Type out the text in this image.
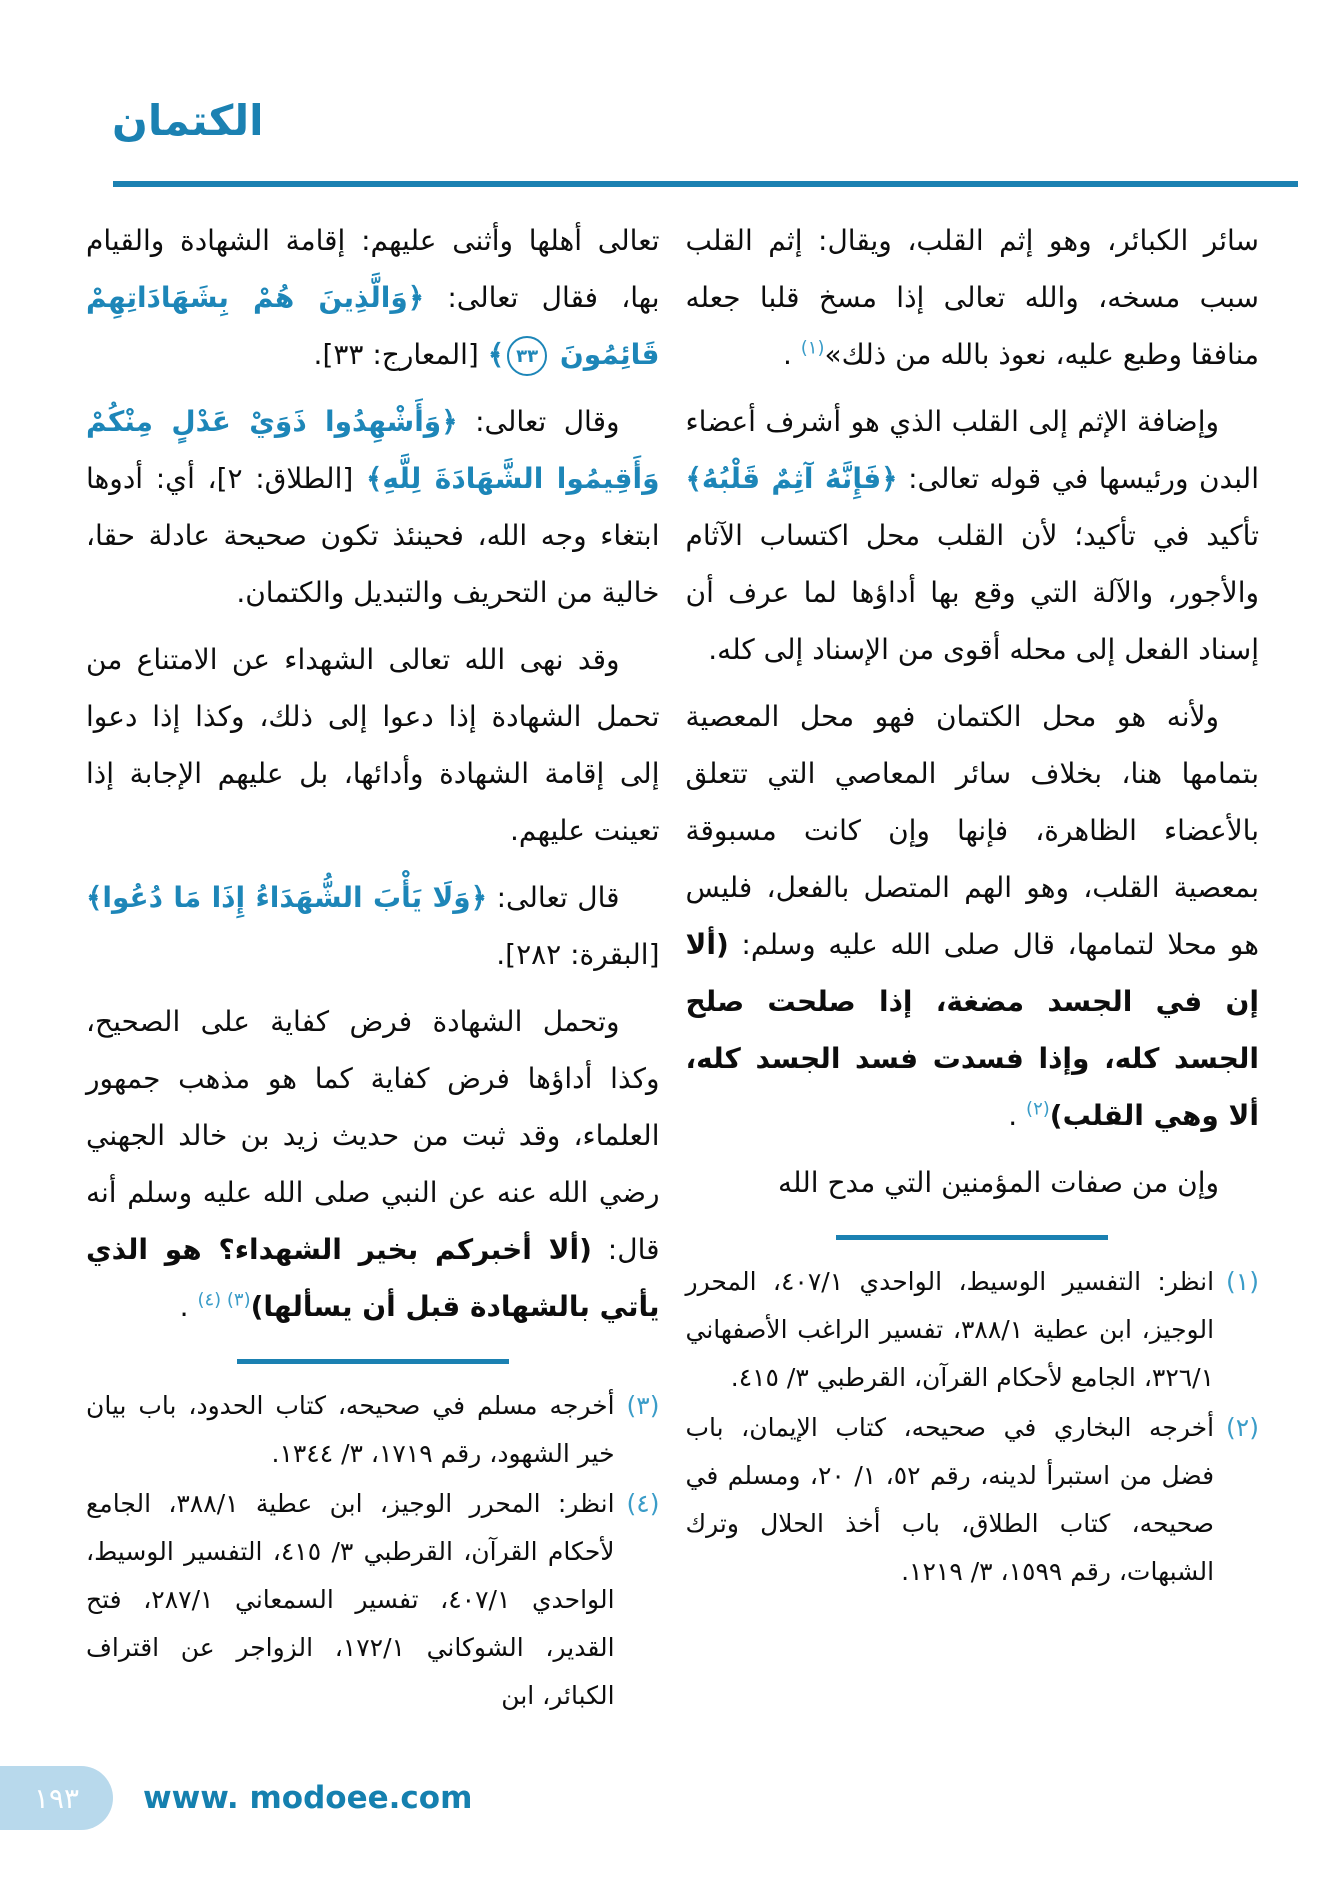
الكتمان

سائر الكبائر، وهو إثم القلب، ويقال: إثم القلب سبب مسخه، والله تعالى إذا مسخ قلبا جعله منافقا وطبع عليه، نعوذ بالله من ذلك»$^{(١)}$ .

وإضافة الإثم إلى القلب الذي هو أشرف أعضاء البدن ورئيسها في قوله تعالى: ﴿فَإِنَّهُ آثِمٌ قَلْبُهُ﴾ تأكيد في تأكيد؛ لأن القلب محل اكتساب الآثام والأجور، والآلة التي وقع بها أداؤها لما عرف أن إسناد الفعل إلى محله أقوى من الإسناد إلى كله.

ولأنه هو محل الكتمان فهو محل المعصية بتمامها هنا، بخلاف سائر المعاصي التي تتعلق بالأعضاء الظاهرة، فإنها وإن كانت مسبوقة بمعصية القلب، وهو الهم المتصل بالفعل، فليس هو محلا لتمامها، قال صلى الله عليه وسلم: (ألا إن في الجسد مضغة، إذا صلحت صلح الجسد كله، وإذا فسدت فسد الجسد كله، ألا وهي القلب)$^{(٢)}$ .

وإن من صفات المؤمنين التي مدح الله

(١)
انظر: التفسير الوسيط، الواحدي ٤٠٧/١، المحرر الوجيز، ابن عطية ٣٨٨/١، تفسير الراغب الأصفهاني ٣٢٦/١، الجامع لأحكام القرآن، القرطبي ٣/ ٤١٥.
(٢)
أخرجه البخاري في صحيحه، كتاب الإيمان، باب فضل من استبرأ لدينه، رقم ٥٢، ١/ ٢٠، ومسلم في صحيحه، كتاب الطلاق، باب أخذ الحلال وترك الشبهات، رقم ١٥٩٩، ٣/ ١٢١٩.

تعالى أهلها وأثنى عليهم: إقامة الشهادة والقيام بها، فقال تعالى: ﴿وَالَّذِينَ هُمْ بِشَهَادَاتِهِمْ قَائِمُونَ ٣٣﴾ [المعارج: ٣٣].

وقال تعالى: ﴿وَأَشْهِدُوا ذَوَيْ عَدْلٍ مِنْكُمْ وَأَقِيمُوا الشَّهَادَةَ لِلَّهِ﴾ [الطلاق: ٢]، أي: أدوها ابتغاء وجه الله، فحينئذ تكون صحيحة عادلة حقا، خالية من التحريف والتبديل والكتمان.

وقد نهى الله تعالى الشهداء عن الامتناع من تحمل الشهادة إذا دعوا إلى ذلك، وكذا إذا دعوا إلى إقامة الشهادة وأدائها، بل عليهم الإجابة إذا تعينت عليهم.

قال تعالى: ﴿وَلَا يَأْبَ الشُّهَدَاءُ إِذَا مَا دُعُوا﴾ [البقرة: ٢٨٢].

وتحمل الشهادة فرض كفاية على الصحيح، وكذا أداؤها فرض كفاية كما هو مذهب جمهور العلماء، وقد ثبت من حديث زيد بن خالد الجهني رضي الله عنه عن النبي صلى الله عليه وسلم أنه قال: (ألا أخبركم بخير الشهداء؟ هو الذي يأتي بالشهادة قبل أن يسألها)$^{(٣) (٤)}$ .

(٣)
أخرجه مسلم في صحيحه، كتاب الحدود، باب بيان خير الشهود، رقم ١٧١٩، ٣/ ١٣٤٤.
(٤)
انظر: المحرر الوجيز، ابن عطية ٣٨٨/١، الجامع لأحكام القرآن، القرطبي ٣/ ٤١٥، التفسير الوسيط، الواحدي ٤٠٧/١، تفسير السمعاني ٢٨٧/١، فتح القدير، الشوكاني ١٧٢/١، الزواجر عن اقتراف الكبائر، ابن
١٩٣ www. modoee.com
